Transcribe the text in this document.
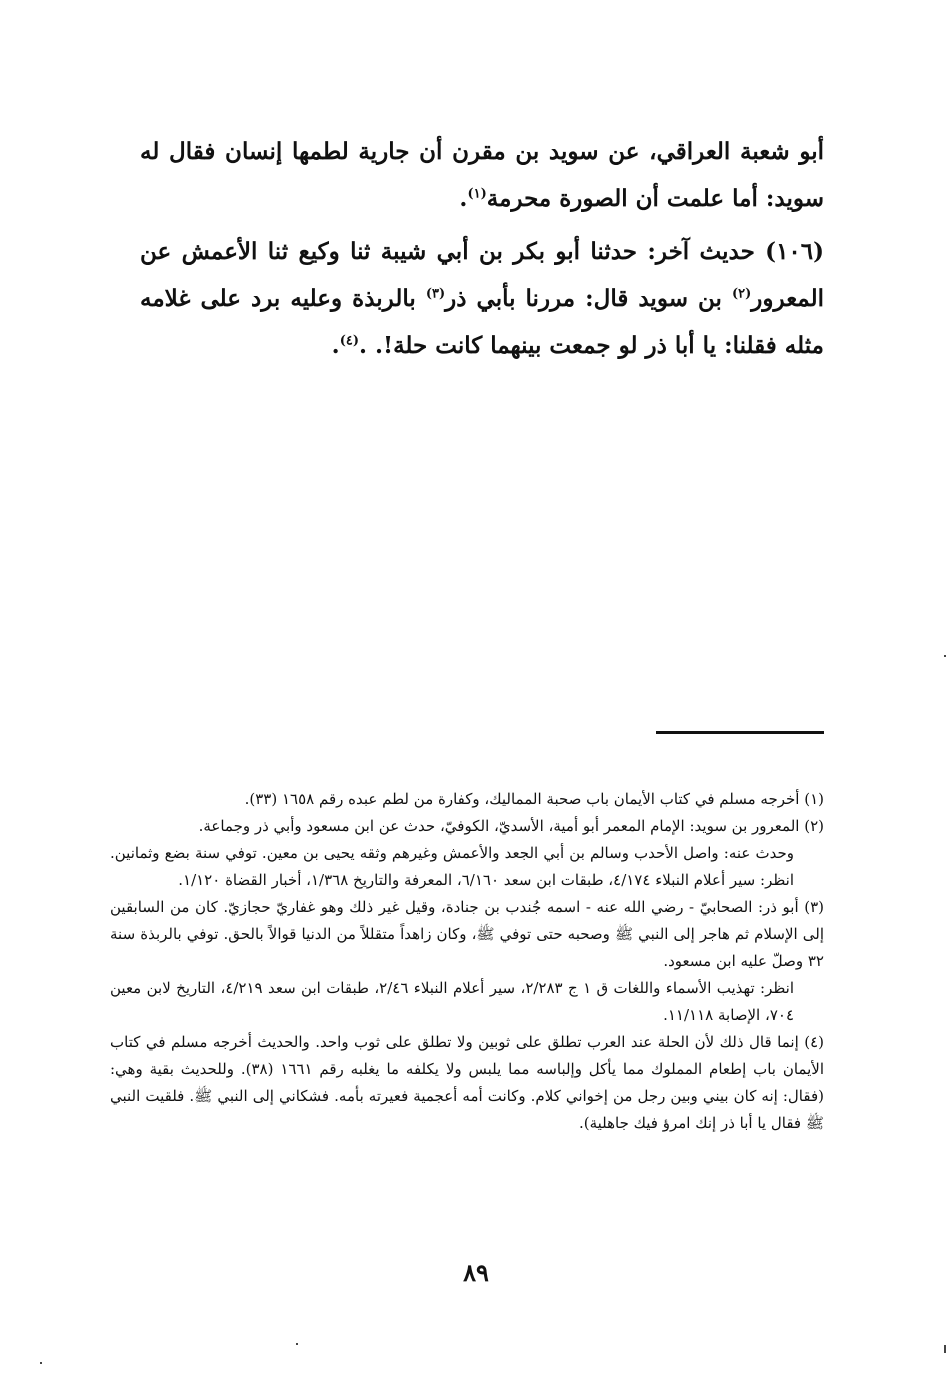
أبو شعبة العراقي، عن سويد بن مقرن أن جارية لطمها إنسان فقال له سويد: أما علمت أن الصورة محرمة$^{(١)}$.

(١٠٦) حديث آخر: حدثنا أبو بكر بن أبي شيبة ثنا وكيع ثنا الأعمش عن المعرور$^{(٢)}$ بن سويد قال: مررنا بأبي ذر$^{(٣)}$ بالربذة وعليه برد على غلامه مثله فقلنا: يا أبا ذر لو جمعت بينهما كانت حلة!. .$^{(٤)}$.

(١) أخرجه مسلم في كتاب الأيمان باب صحبة المماليك، وكفارة من لطم عبده رقم ١٦٥٨ (٣٣).

(٢) المعرور بن سويد: الإمام المعمر أبو أمية، الأسديّ، الكوفيّ، حدث عن ابن مسعود وأبي ذر وجماعة.

وحدث عنه: واصل الأحدب وسالم بن أبي الجعد والأعمش وغيرهم وثقه يحيى بن معين. توفي سنة بضع وثمانين. انظر: سير أعلام النبلاء ٤/١٧٤، طبقات ابن سعد ٦/١٦٠، المعرفة والتاريخ ١/٣٦٨، أخبار القضاة ١/١٢٠.

(٣) أبو ذر: الصحابيّ - رضي الله عنه - اسمه جُندب بن جنادة، وقيل غير ذلك وهو غفاريّ حجازيّ. كان من السابقين إلى الإسلام ثم هاجر إلى النبي ﷺ وصحبه حتى توفي ﷺ، وكان زاهداً متقللاً من الدنيا قوالاً بالحق. توفي بالربذة سنة ٣٢ وصلّ عليه ابن مسعود.

انظر: تهذيب الأسماء واللغات ق ١ ج ٢/٢٨٣، سير أعلام النبلاء ٢/٤٦، طبقات ابن سعد ٤/٢١٩، التاريخ لابن معين ٧٠٤، الإصابة ١١/١١٨.

(٤) إنما قال ذلك لأن الحلة عند العرب تطلق على ثوبين ولا تطلق على ثوب واحد. والحديث أخرجه مسلم في كتاب الأيمان باب إطعام المملوك مما يأكل وإلباسه مما يلبس ولا يكلفه ما يغلبه رقم ١٦٦١ (٣٨). وللحديث بقية وهي: (فقال: إنه كان بيني وبين رجل من إخواني كلام. وكانت أمه أعجمية فعيرته بأمه. فشكاني إلى النبي ﷺ. فلقيت النبي ﷺ فقال يا أبا ذر إنك امرؤ فيك جاهلية).

٨٩
